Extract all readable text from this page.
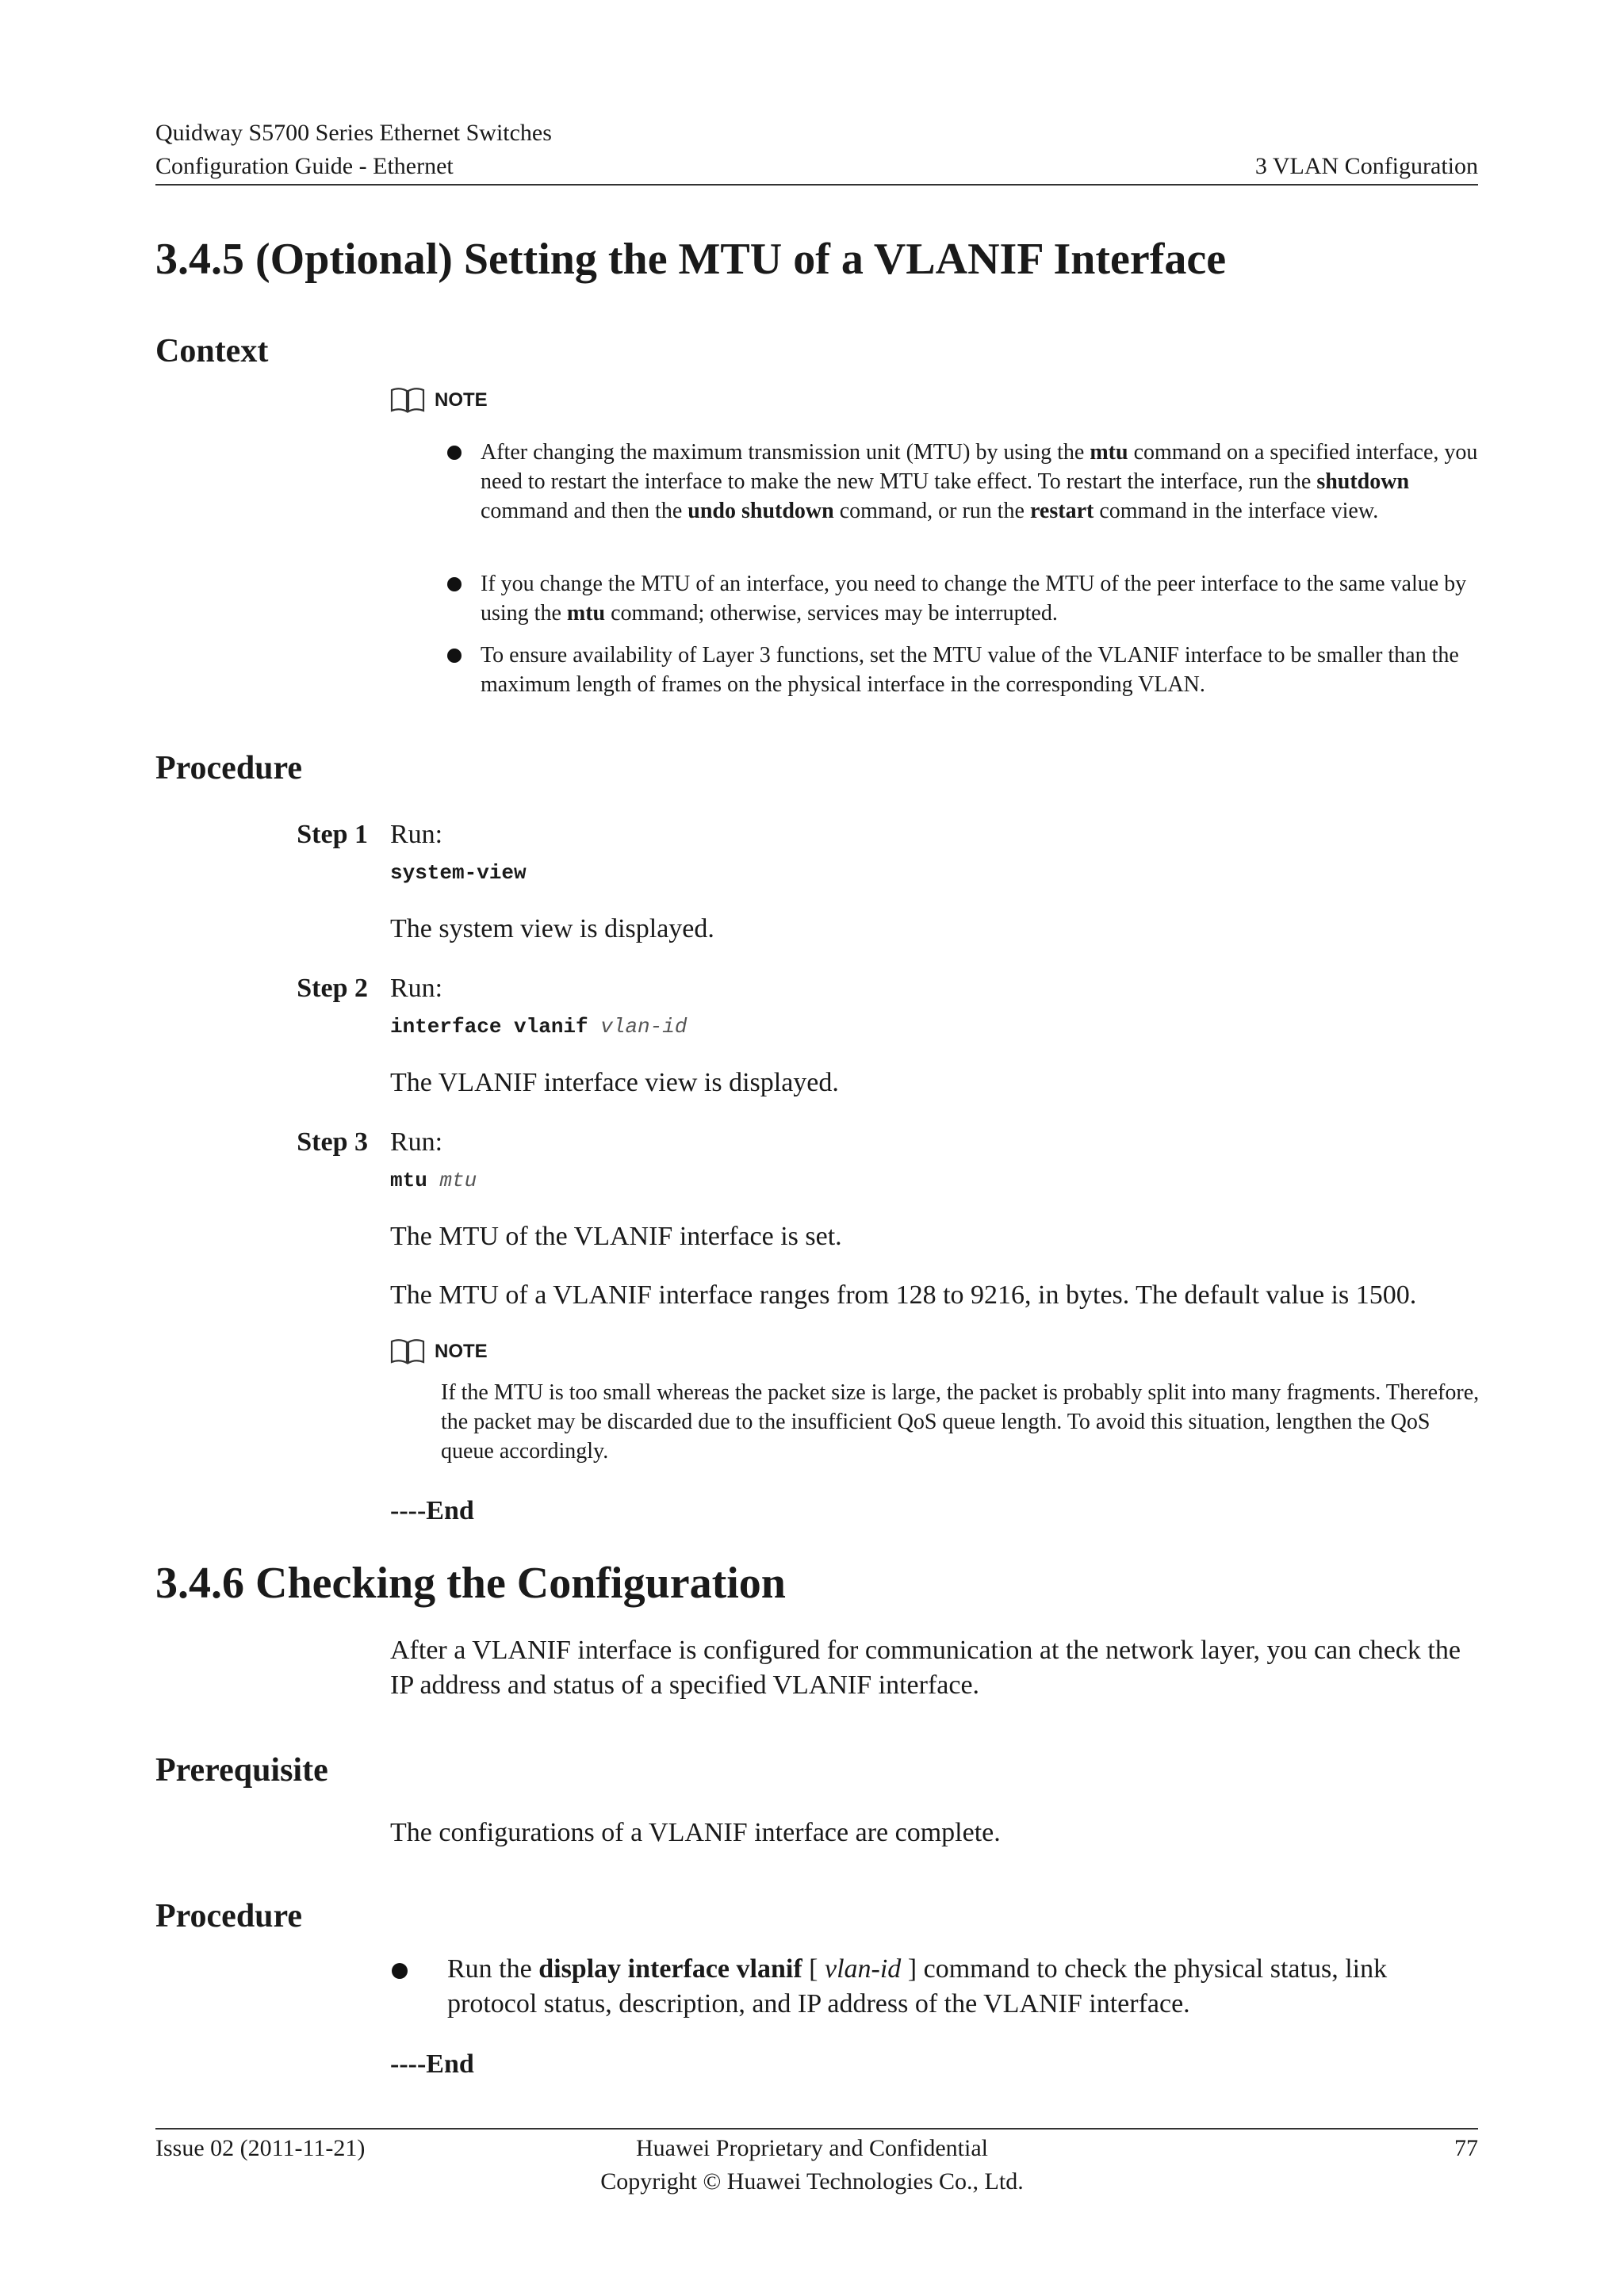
Quidway S5700 Series Ethernet Switches
Configuration Guide - Ethernet	3 VLAN Configuration
3.4.5 (Optional) Setting the MTU of a VLANIF Interface
Context
NOTE
After changing the maximum transmission unit (MTU) by using the mtu command on a specified interface, you need to restart the interface to make the new MTU take effect. To restart the interface, run the shutdown command and then the undo shutdown command, or run the restart command in the interface view.
If you change the MTU of an interface, you need to change the MTU of the peer interface to the same value by using the mtu command; otherwise, services may be interrupted.
To ensure availability of Layer 3 functions, set the MTU value of the VLANIF interface to be smaller than the maximum length of frames on the physical interface in the corresponding VLAN.
Procedure
Step 1 Run:
system-view
The system view is displayed.
Step 2 Run:
interface vlanif vlan-id
The VLANIF interface view is displayed.
Step 3 Run:
mtu mtu
The MTU of the VLANIF interface is set.
The MTU of a VLANIF interface ranges from 128 to 9216, in bytes. The default value is 1500.
NOTE
If the MTU is too small whereas the packet size is large, the packet is probably split into many fragments. Therefore, the packet may be discarded due to the insufficient QoS queue length. To avoid this situation, lengthen the QoS queue accordingly.
----End
3.4.6 Checking the Configuration
After a VLANIF interface is configured for communication at the network layer, you can check the IP address and status of a specified VLANIF interface.
Prerequisite
The configurations of a VLANIF interface are complete.
Procedure
Run the display interface vlanif [ vlan-id ] command to check the physical status, link protocol status, description, and IP address of the VLANIF interface.
----End
Issue 02 (2011-11-21)	Huawei Proprietary and Confidential
Copyright © Huawei Technologies Co., Ltd.
77
